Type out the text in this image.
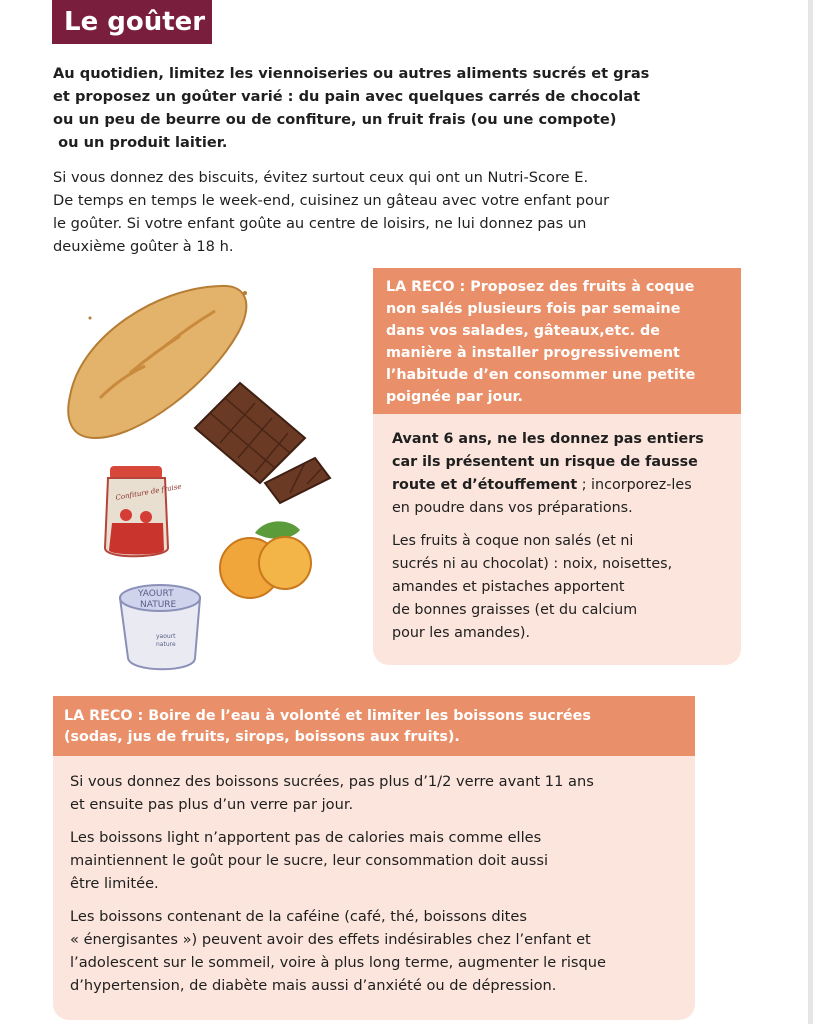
Le goûter
Au quotidien, limitez les viennoiseries ou autres aliments sucrés et gras
et proposez un goûter varié : du pain avec quelques carrés de chocolat
ou un peu de beurre ou de confiture, un fruit frais (ou une compote)
ou un produit laitier.
Si vous donnez des biscuits, évitez surtout ceux qui ont un Nutri-Score E.
De temps en temps le week-end, cuisinez un gâteau avec votre enfant pour
le goûter. Si votre enfant goûte au centre de loisirs, ne lui donnez pas un
deuxième goûter à 18 h.
Confiture de fraise
YAOURT
NATURE
yaourt
nature
LA RECO : Proposez des fruits à coque
non salés plusieurs fois par semaine
dans vos salades, gâteaux,etc. de
manière à installer progressivement
l’habitude d’en consommer une petite
poignée par jour.

Avant 6 ans, ne les donnez pas entiers
car ils présentent un risque de fausse
route et d’étouffement ; incorporez-les
en poudre dans vos préparations.

Les fruits à coque non salés (et ni
sucrés ni au chocolat) : noix, noisettes,
amandes et pistaches apportent
de bonnes graisses (et du calcium
pour les amandes).

LA RECO : Boire de l’eau à volonté et limiter les boissons sucrées
(sodas, jus de fruits, sirops, boissons aux fruits).

Si vous donnez des boissons sucrées, pas plus d’1/2 verre avant 11 ans
et ensuite pas plus d’un verre par jour.

Les boissons light n’apportent pas de calories mais comme elles
maintiennent le goût pour le sucre, leur consommation doit aussi
être limitée.

Les boissons contenant de la caféine (café, thé, boissons dites
« énergisantes ») peuvent avoir des effets indésirables chez l’enfant et
l’adolescent sur le sommeil, voire à plus long terme, augmenter le risque
d’hypertension, de diabète mais aussi d’anxiété ou de dépression.
